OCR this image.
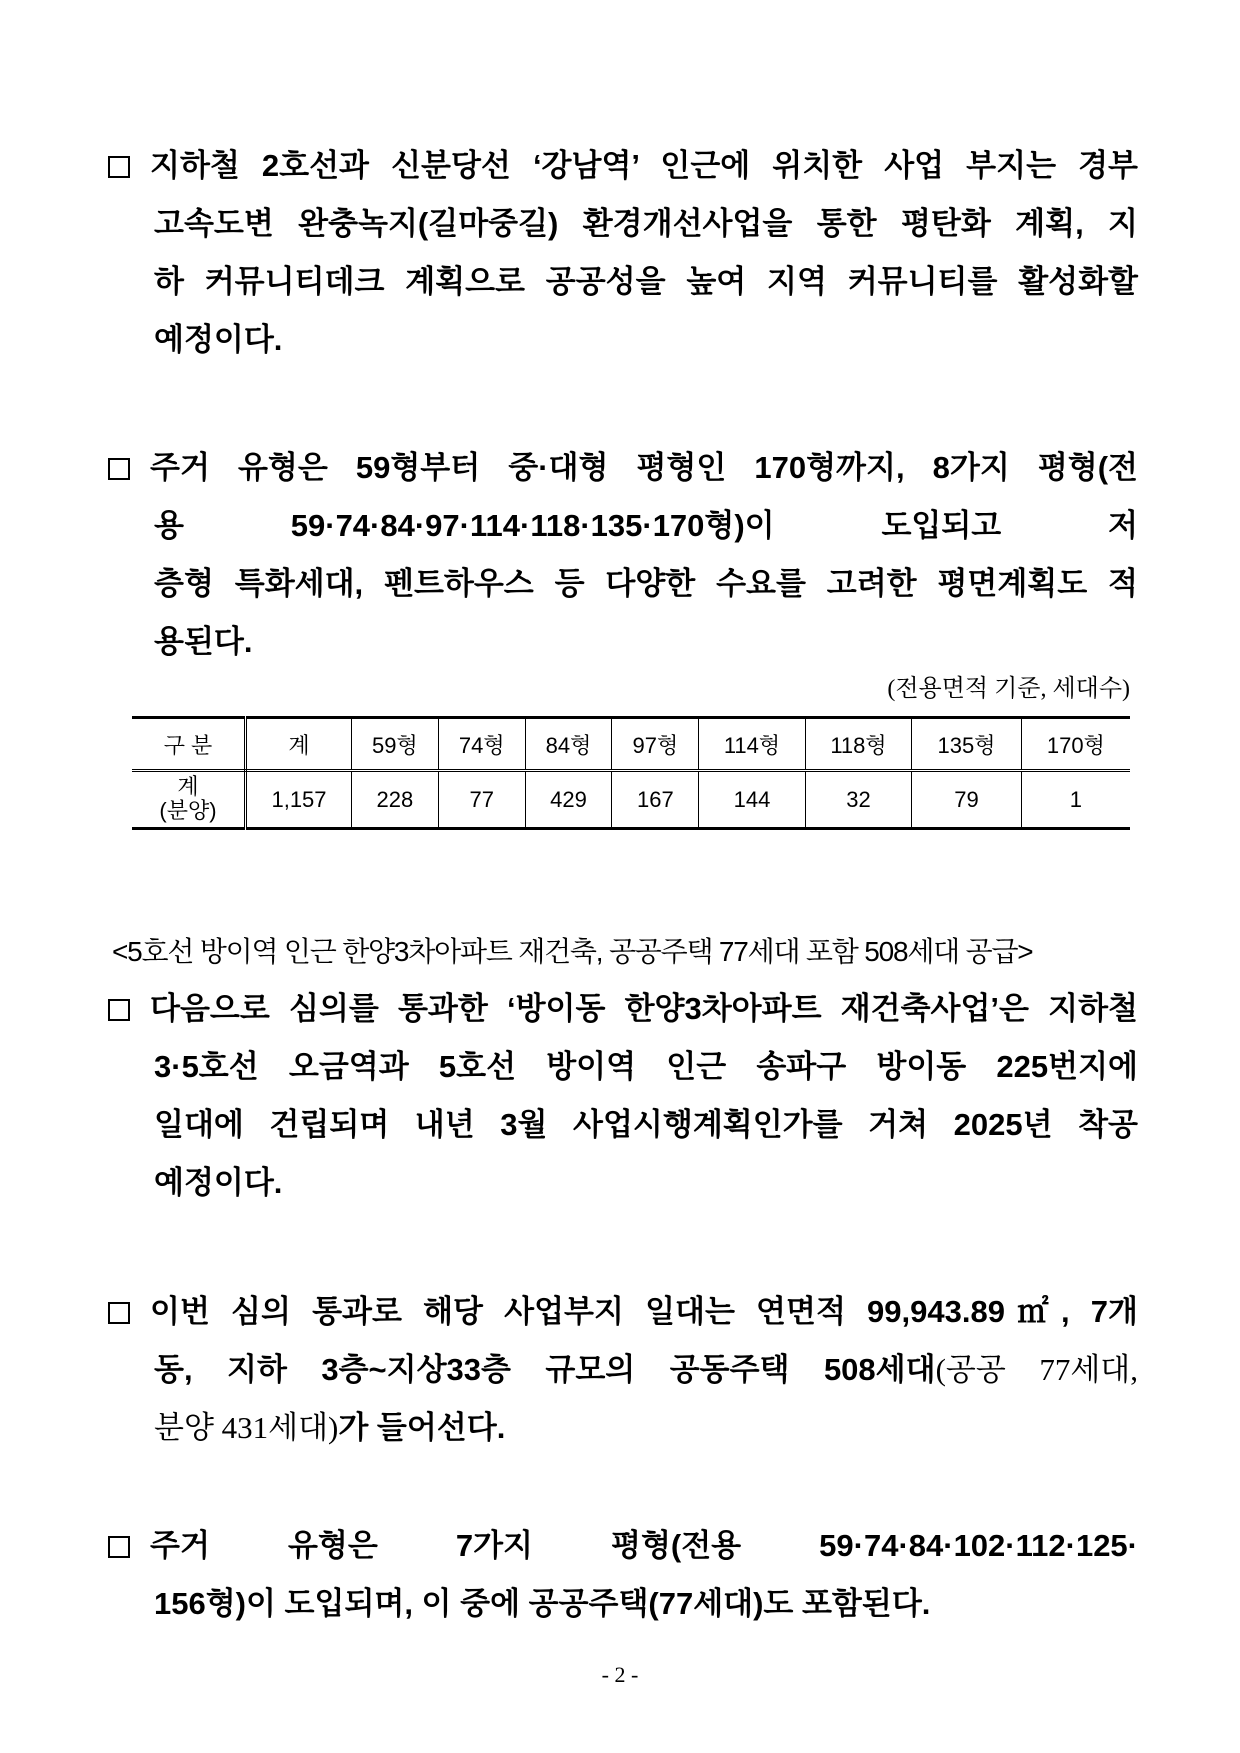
지하철 2호선과 신분당선 ‘강남역’ 인근에 위치한 사업 부지는 경부
고속도변 완충녹지(길마중길) 환경개선사업을 통한 평탄화 계획, 지
하 커뮤니티데크 계획으로 공공성을 높여 지역 커뮤니티를 활성화할
예정이다.
주거 유형은 59형부터 중·대형 평형인 170형까지, 8가지 평형(전
용 59·74·84·97·114·118·135·170형)이 도입되고 저
층형 특화세대, 펜트하우스 등 다양한 수요를 고려한 평면계획도 적
용된다.
(전용면적 기준, 세대수)
구 분	계	59형	74형	84형	97형	114형	118형	135형	170형
계
(분양)	1,157	228	77	429	167	144	32	79	1
<5호선 방이역 인근 한양3차아파트 재건축, 공공주택 77세대 포함 508세대 공급>
다음으로 심의를 통과한 ‘방이동 한양3차아파트 재건축사업’은 지하철
3·5호선 오금역과 5호선 방이역 인근 송파구 방이동 225번지에
일대에 건립되며 내년 3월 사업시행계획인가를 거쳐 2025년 착공
예정이다.
이번 심의 통과로 해당 사업부지 일대는 연면적 99,943.89㎡, 7개
동, 지하 3층~지상33층 규모의 공동주택 508세대(공공 77세대,
분양 431세대)가 들어선다.
주거 유형은 7가지 평형(전용 59·74·84·102·112·125·
156형)이 도입되며, 이 중에 공공주택(77세대)도 포함된다.
- 2 -
